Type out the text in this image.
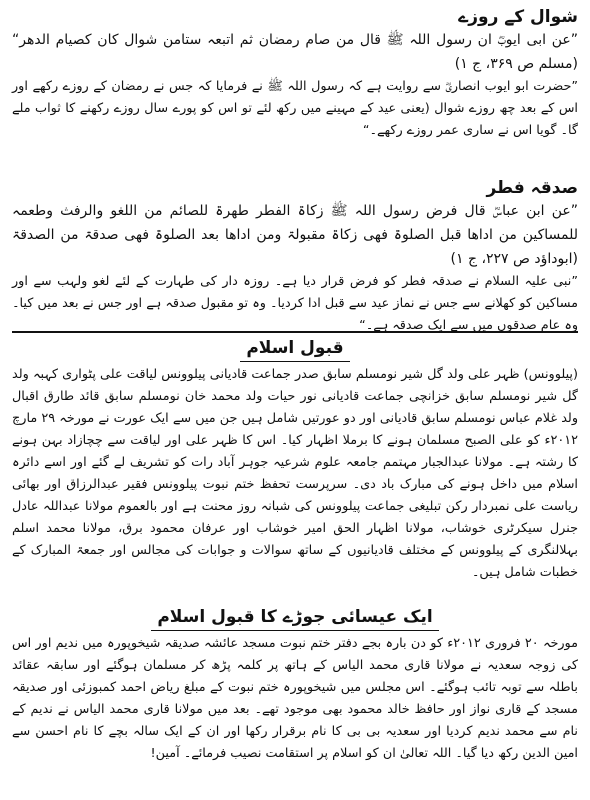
شوال کے روزے

”عن ابی ایوبؓ ان رسول اللہ ﷺ قال من صام رمضان ثم اتبعہ ستامن شوال کان کصیام الدھر“ (مسلم ص ۳۶۹، ج ۱)

”حضرت ابو ایوب انصاریؓ سے روایت ہے کہ رسول اللہ ﷺ نے فرمایا کہ جس نے رمضان کے روزے رکھے اور اس کے بعد چھ روزے شوال (یعنی عید کے مہینے میں رکھ لئے تو اس کو پورے سال روزے رکھنے کا ثواب ملے گا۔ گویا اس نے ساری عمر روزے رکھے۔“

صدقہ فطر

”عن ابن عباسؓ قال فرض رسول اللہ ﷺ زکاۃ الفطر طھرۃ للصائم من اللغو والرفث وطعمہ للمساکین من اداھا قبل الصلوۃ فھی زکاۃ مقبولۃ ومن اداھا بعد الصلوۃ فھی صدقۃ من الصدقۃ (ابوداؤد ص ۲۲۷، ج ۱)

”نبی علیہ السلام نے صدقہ فطر کو فرض قرار دیا ہے۔ روزہ دار کی طہارت کے لئے لغو ولہب سے اور مساکین کو کھلانے سے جس نے نماز عید سے قبل ادا کردیا۔ وہ تو مقبول صدقہ ہے اور جس نے بعد میں کیا۔ وہ عام صدقوں میں سے ایک صدقہ ہے۔“

قبول اسلام

(پیلوونس) ظہر علی ولد گل شیر نومسلم سابق صدر جماعت قادیانی پیلوونس لیاقت علی پٹواری کہبہ ولد گل شیر نومسلم سابق خزانچی جماعت قادیانی نور حیات ولد محمد خان نومسلم سابق قائد طارق اقبال ولد غلام عباس نومسلم سابق قادیانی اور دو عورتیں شامل ہیں جن میں سے ایک عورت نے مورخہ ۲۹ مارچ ۲۰۱۲ء کو علی الصبح مسلمان ہونے کا برملا اظہار کیا۔ اس کا ظہر علی اور لیاقت سے چچازاد بہن ہونے کا رشتہ ہے۔ مولانا عبدالجبار مہتمم جامعہ علوم شرعیہ جوہر آباد رات کو تشریف لے گئے اور اسے دائرہ اسلام میں داخل ہونے کی مبارک باد دی۔ سرپرست تحفظ ختم نبوت پیلوونس فقیر عبدالرزاق اور بھائی ریاست علی نمبردار رکن تبلیغی جماعت پیلوونس کی شبانہ روز محنت ہے اور بالعموم مولانا عبداللہ عادل جنرل سیکرٹری خوشاب، مولانا اظہار الحق امیر خوشاب اور عرفان محمود برق، مولانا محمد اسلم بہلالنگری کے پیلوونس کے مختلف قادیانیوں کے ساتھ سوالات و جوابات کی مجالس اور جمعۃ المبارک کے خطبات شامل ہیں۔

ایک عیسائی جوڑے کا قبول اسلام

مورخہ ۲۰ فروری ۲۰۱۲ء کو دن بارہ بجے دفتر ختم نبوت مسجد عائشہ صدیقہ شیخوپورہ میں ندیم اور اس کی زوجہ سعدیہ نے مولانا قاری محمد الیاس کے ہاتھ پر کلمہ پڑھ کر مسلمان ہوگئے اور سابقہ عقائد باطلہ سے توبہ تائب ہوگئے۔ اس مجلس میں شیخوپورہ ختم نبوت کے مبلغ ریاض احمد کمبوزئی اور صدیقہ مسجد کے قاری نواز اور حافظ خالد محمود بھی موجود تھے۔ بعد میں مولانا قاری محمد الیاس نے ندیم کے نام سے محمد ندیم کردیا اور سعدیہ بی بی کا نام برقرار رکھا اور ان کے ایک سالہ بچے کا نام احسن سے امین الدین رکھ دیا گیا۔ اللہ تعالیٰ ان کو اسلام پر استقامت نصیب فرمائے۔ آمین!
